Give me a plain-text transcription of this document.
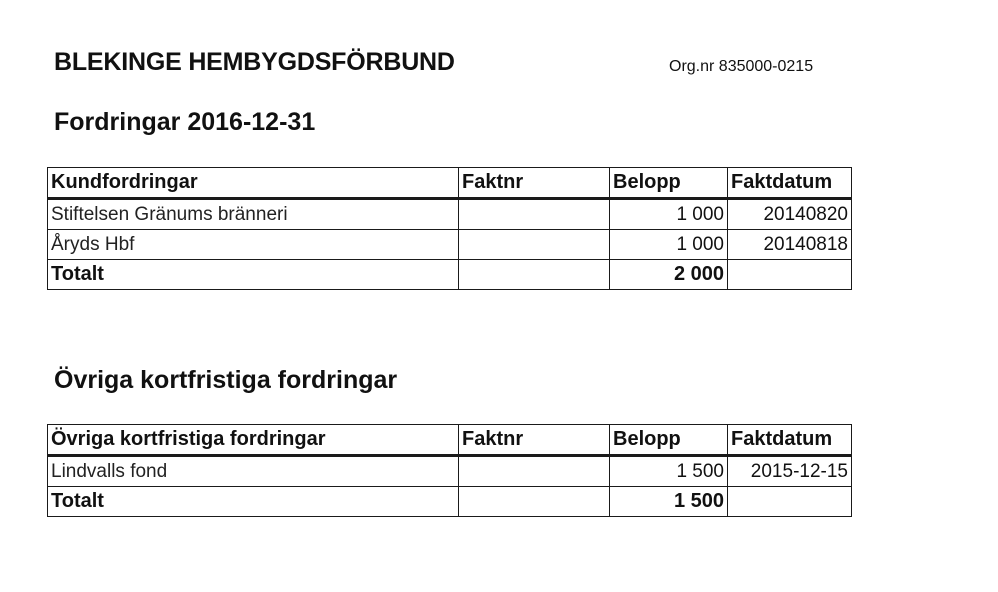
BLEKINGE HEMBYGDSFÖRBUND	Org.nr 835000-0215
Fordringar 2016-12-31
Kundfordringar	Faktnr	Belopp	Faktdatum
Stiftelsen Gränums bränneri		1 000	20140820
Åryds Hbf		1 000	20140818
Totalt		2 000	
Övriga kortfristiga fordringar
Övriga kortfristiga fordringar	Faktnr	Belopp	Faktdatum
Lindvalls fond		1 500	2015-12-15
Totalt		1 500	
